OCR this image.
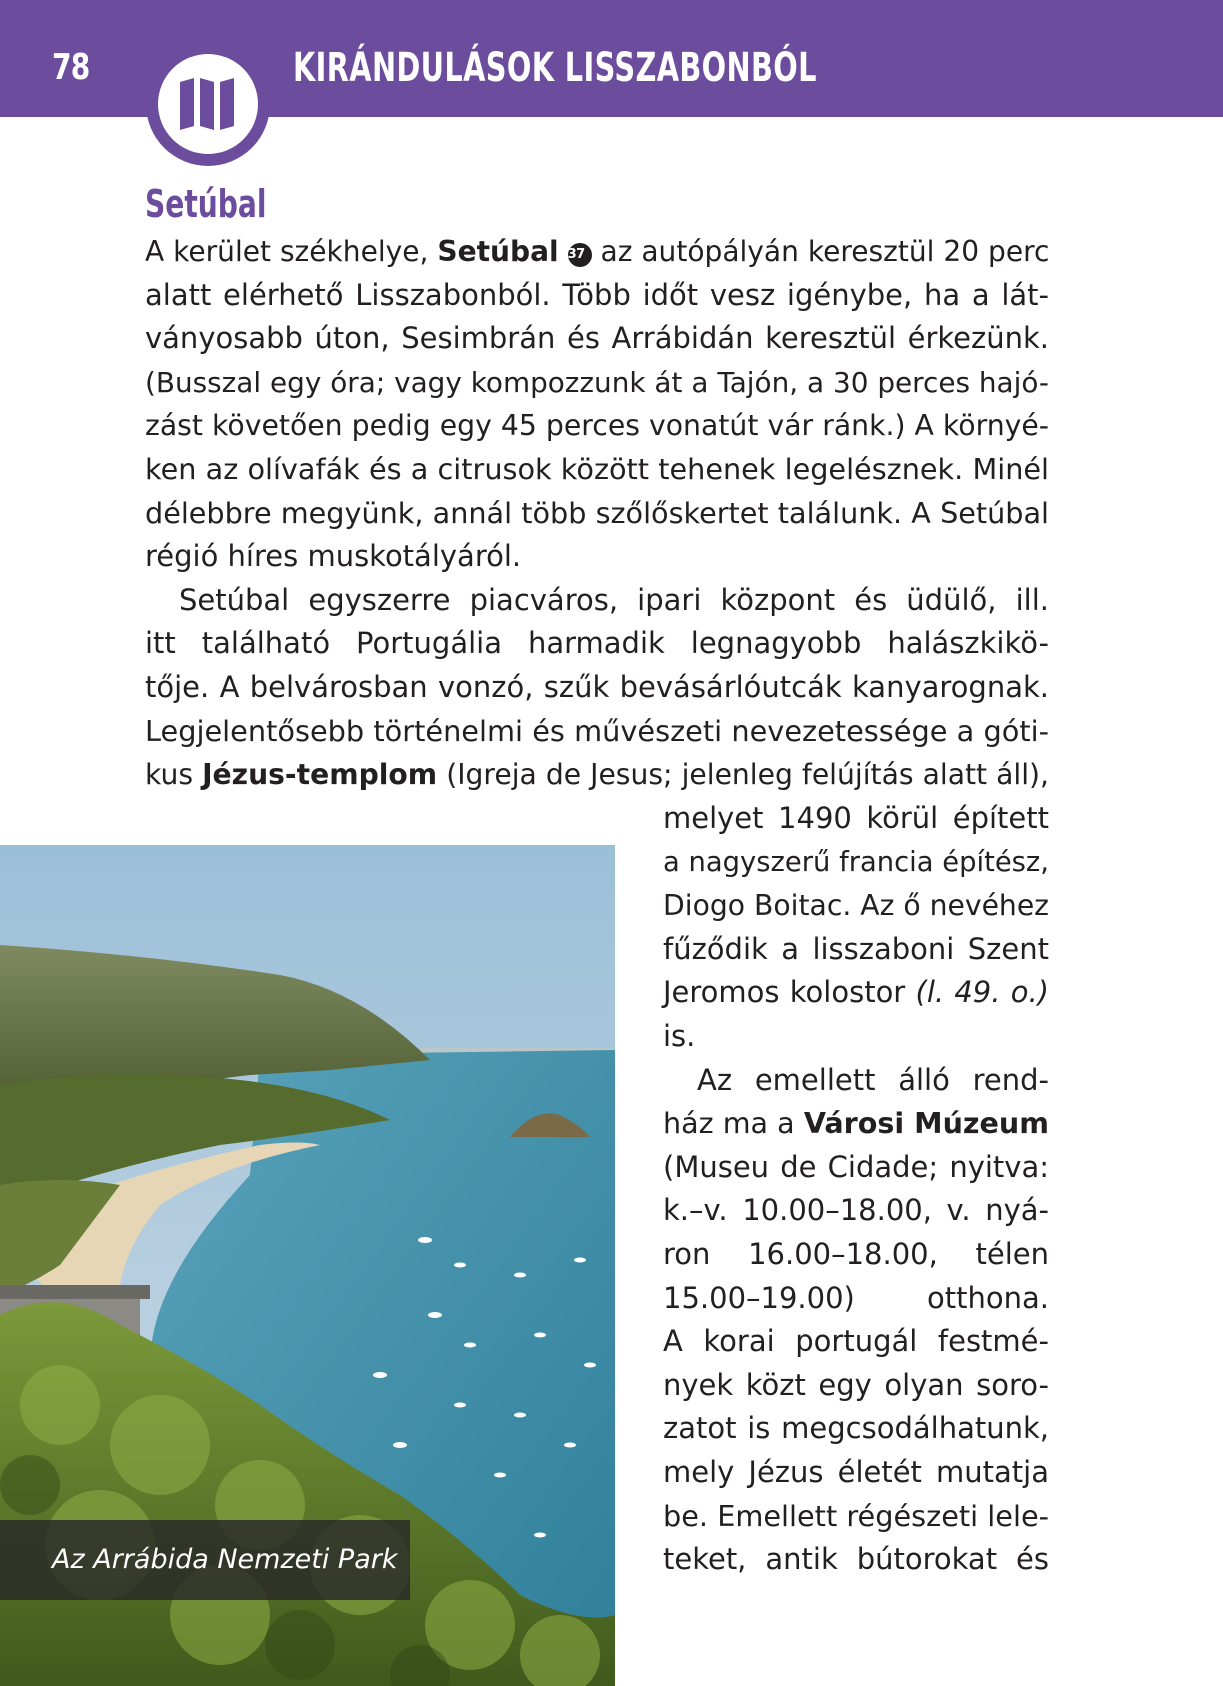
78	KIRÁNDULÁSOK LISSZABONBÓL
Setúbal
A kerület székhelye, Setúbal 37 az autópályán keresztül 20 perc
alatt elérhető Lisszabonból. Több időt vesz igénybe, ha a lát-
ványosabb úton, Sesimbrán és Arrábidán keresztül érkezünk.
(Busszal egy óra; vagy kompozzunk át a Tajón, a 30 perces hajó-
zást követően pedig egy 45 perces vonatút vár ránk.) A környé-
ken az olívafák és a citrusok között tehenek legelésznek. Minél
délebbre megyünk, annál több szőlőskertet találunk. A Setúbal
régió híres muskotályáról.
Setúbal egyszerre piacváros, ipari központ és üdülő, ill.
itt található Portugália harmadik legnagyobb halászkikö-
tője. A belvárosban vonzó, szűk bevásárlóutcák kanyarognak.
Legjelentősebb történelmi és művészeti nevezetessége a góti-
kus Jézus-templom (Igreja de Jesus; jelenleg felújítás alatt áll),
melyet 1490 körül épített
a nagyszerű francia építész,
Diogo Boitac. Az ő nevéhez
fűződik a lisszaboni Szent
Jeromos kolostor (l. 49. o.)
is.
Az emellett álló rend-
ház ma a Városi Múzeum
(Museu de Cidade; nyitva:
k.–v. 10.00–18.00, v. nyá-
ron 16.00–18.00, télen
15.00–19.00) otthona.
A korai portugál festmé-
nyek közt egy olyan soro-
zatot is megcsodálhatunk,
mely Jézus életét mutatja
be. Emellett régészeti lele-
teket, antik bútorokat és
Az Arrábida Nemzeti Park
